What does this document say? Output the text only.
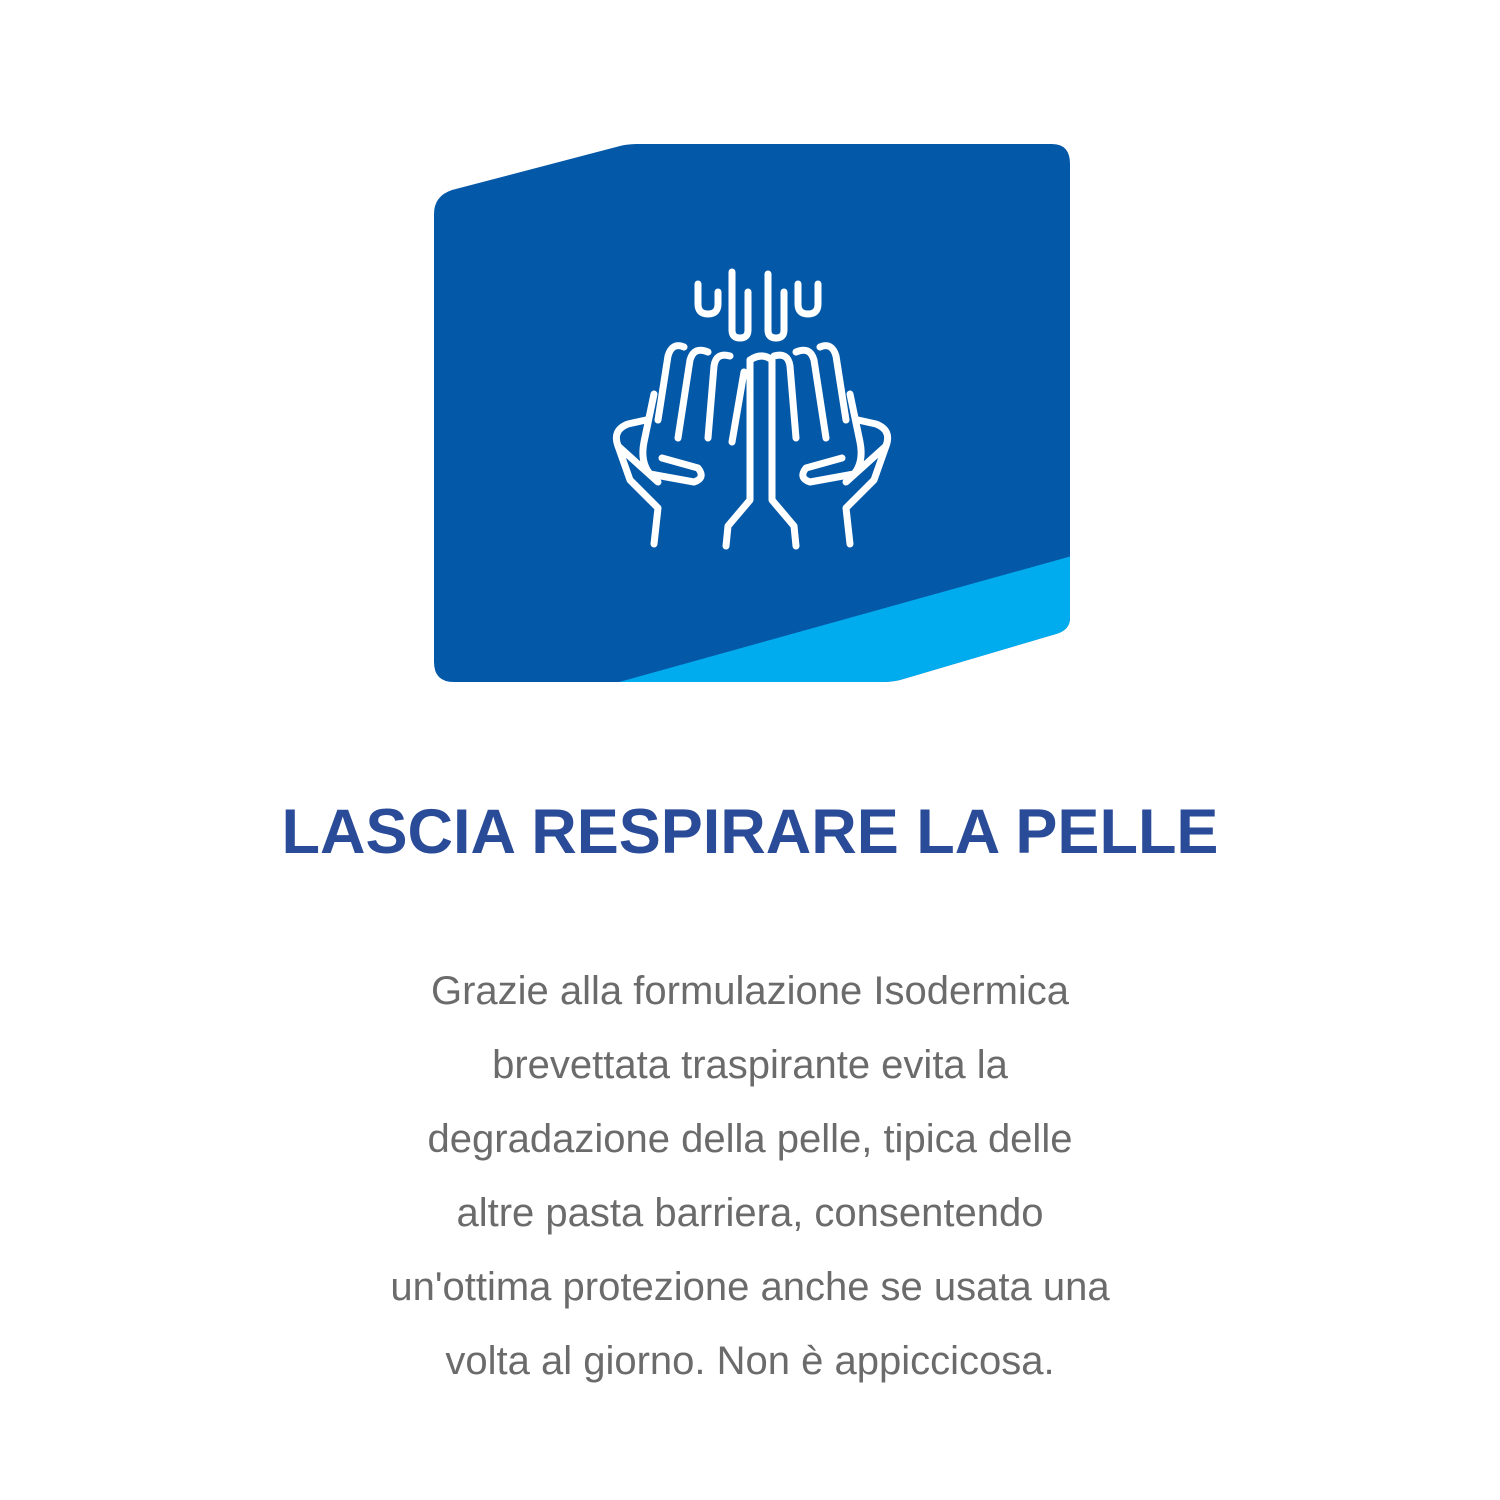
LASCIA RESPIRARE LA PELLE
Grazie alla formulazione Isodermica
brevettata traspirante evita la
degradazione della pelle, tipica delle
altre pasta barriera, consentendo
un'ottima protezione anche se usata una
volta al giorno. Non è appiccicosa.
